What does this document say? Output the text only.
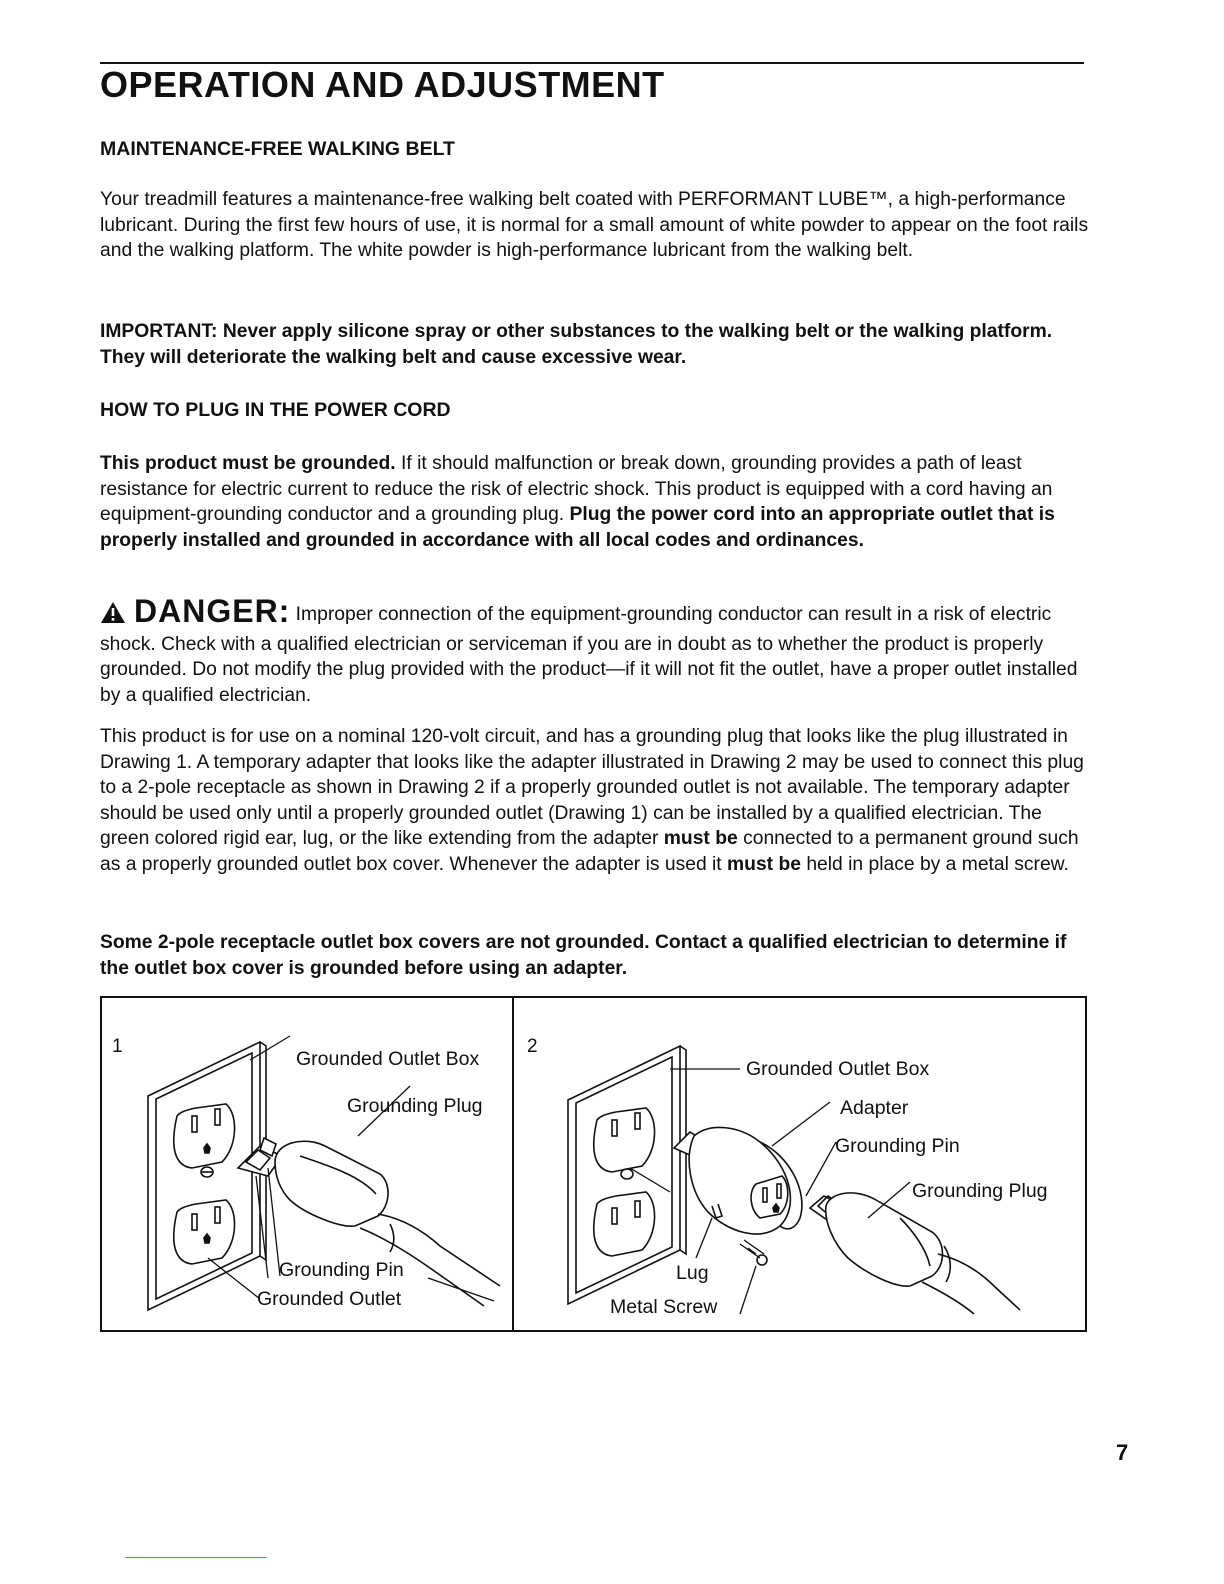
OPERATION AND ADJUSTMENT
MAINTENANCE-FREE WALKING BELT

Your treadmill features a maintenance-free walking belt coated with PERFORMANT LUBE™, a high-performance lubricant. During the first few hours of use, it is normal for a small amount of white powder to appear on the foot rails and the walking platform. The white powder is high-performance lubricant from the walking belt.

IMPORTANT: Never apply silicone spray or other substances to the walking belt or the walking platform. They will deteriorate the walking belt and cause excessive wear.

HOW TO PLUG IN THE POWER CORD

This product must be grounded. If it should malfunction or break down, grounding provides a path of least resistance for electric current to reduce the risk of electric shock. This product is equipped with a cord having an equipment-grounding conductor and a grounding plug. Plug the power cord into an appropriate outlet that is properly installed and grounded in accordance with all local codes and ordinances.

DANGER: Improper connection of the equipment-grounding conductor can result in a risk of electric shock. Check with a qualified electrician or serviceman if you are in doubt as to whether the product is properly grounded. Do not modify the plug provided with the product—if it will not fit the outlet, have a proper outlet installed by a qualified electrician.

This product is for use on a nominal 120-volt circuit, and has a grounding plug that looks like the plug illustrated in Drawing 1. A temporary adapter that looks like the adapter illustrated in Drawing 2 may be used to connect this plug to a 2-pole receptacle as shown in Drawing 2 if a properly grounded outlet is not available. The temporary adapter should be used only until a properly grounded outlet (Drawing 1) can be installed by a qualified electrician. The green colored rigid ear, lug, or the like extending from the adapter must be connected to a permanent ground such as a properly grounded outlet box cover. Whenever the adapter is used it must be held in place by a metal screw.

Some 2-pole receptacle outlet box covers are not grounded. Contact a qualified electrician to determine if the outlet box cover is grounded before using an adapter.

1
Grounded Outlet Box
Grounding Plug
Grounding Pin
Grounded Outlet
2
Grounded Outlet Box
Adapter
Grounding Pin
Grounding Plug
Lug
Metal Screw
7
